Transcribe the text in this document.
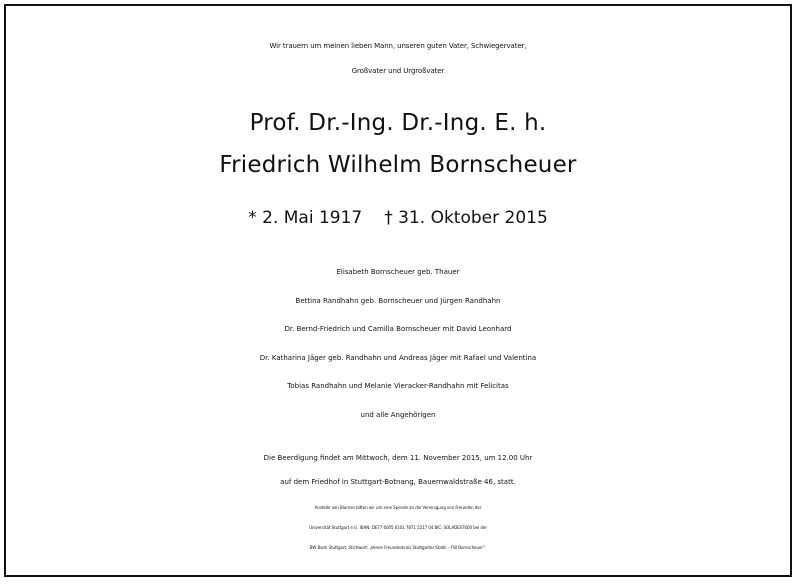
Wir trauern um meinen lieben Mann, unseren guten Vater, Schwiegervater,
Großvater und Urgroßvater
Prof. Dr.-Ing. Dr.-Ing. E. h.
Friedrich Wilhelm Bornscheuer
* 2. Mai 1917 † 31. Oktober 2015
Elisabeth Bornscheuer geb. Thauer
Bettina Randhahn geb. Bornscheuer und Jürgen Randhahn
Dr. Bernd-Friedrich und Camilla Bornscheuer mit David Leonhard
Dr. Katharina Jäger geb. Randhahn und Andreas Jäger mit Rafael und Valentina
Tobias Randhahn und Melanie Vieracker-Randhahn mit Felicitas
und alle Angehörigen
Die Beerdigung findet am Mittwoch, dem 11. November 2015, um 12.00 Uhr
auf dem Friedhof in Stuttgart-Botnang, Bauernwaldstraße 46, statt.
Anstelle von Blumen bitten wir um eine Spende an die Vereinigung von Freunden der
Universität Stuttgart e.V., IBAN: DE77 6005 0101 7871 5217 04 BIC: SOLADEST600 bei der
BW Bank Stuttgart, Stichwort: „Verein Freundeskreis Stuttgarter Statik – FW Bornscheuer“.
